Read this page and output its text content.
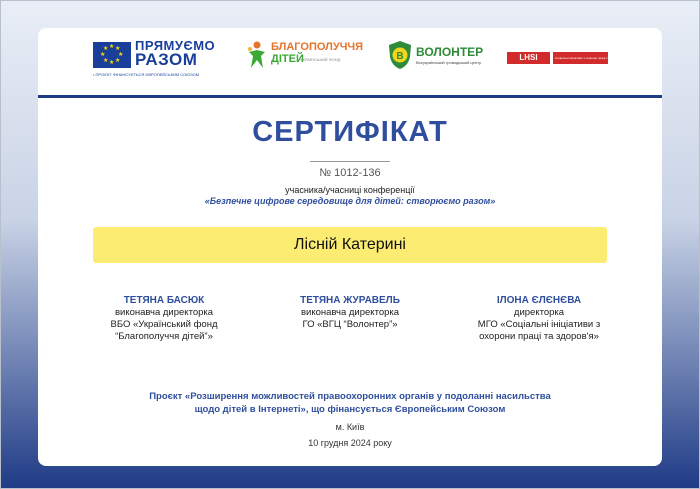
★ ★
★
★
★
★
★
★ ПРЯМУЄМО
РАЗОМ
• ПРОЄКТ ФІНАНСУЄТЬСЯ ЄВРОПЕЙСЬКИМ СОЮЗОМ
БЛАГОПОЛУЧЧЯ
ДІТЕЙ
УКРАЇНСЬКИЙ ФОНД	B ВОЛОНТЕР
Всеукраїнський громадський центр
LHSI	Соціальні ініціативи з охорони праці та здоров'я
СЕРТИФІКАТ
№ 1012-136
учасника/учасниці конференції
«Безпечне цифрове середовище для дітей: створюємо разом»
Лісній Катерині
ТЕТЯНА БАСЮК
виконавча директорка
ВБО «Український фонд
“Благополуччя дітей”»
ТЕТЯНА ЖУРАВЕЛЬ
виконавча директорка
ГО «ВГЦ “Волонтер”»
ІЛОНА ЄЛЄНЄВА
директорка
МГО «Соціальні ініціативи з
охорони праці та здоров'я»
Проєкт «Розширення можливостей правоохоронних органів у подоланні насильства
щодо дітей в Інтернеті», що фінансується Європейським Союзом
м. Київ
10 грудня 2024 року
